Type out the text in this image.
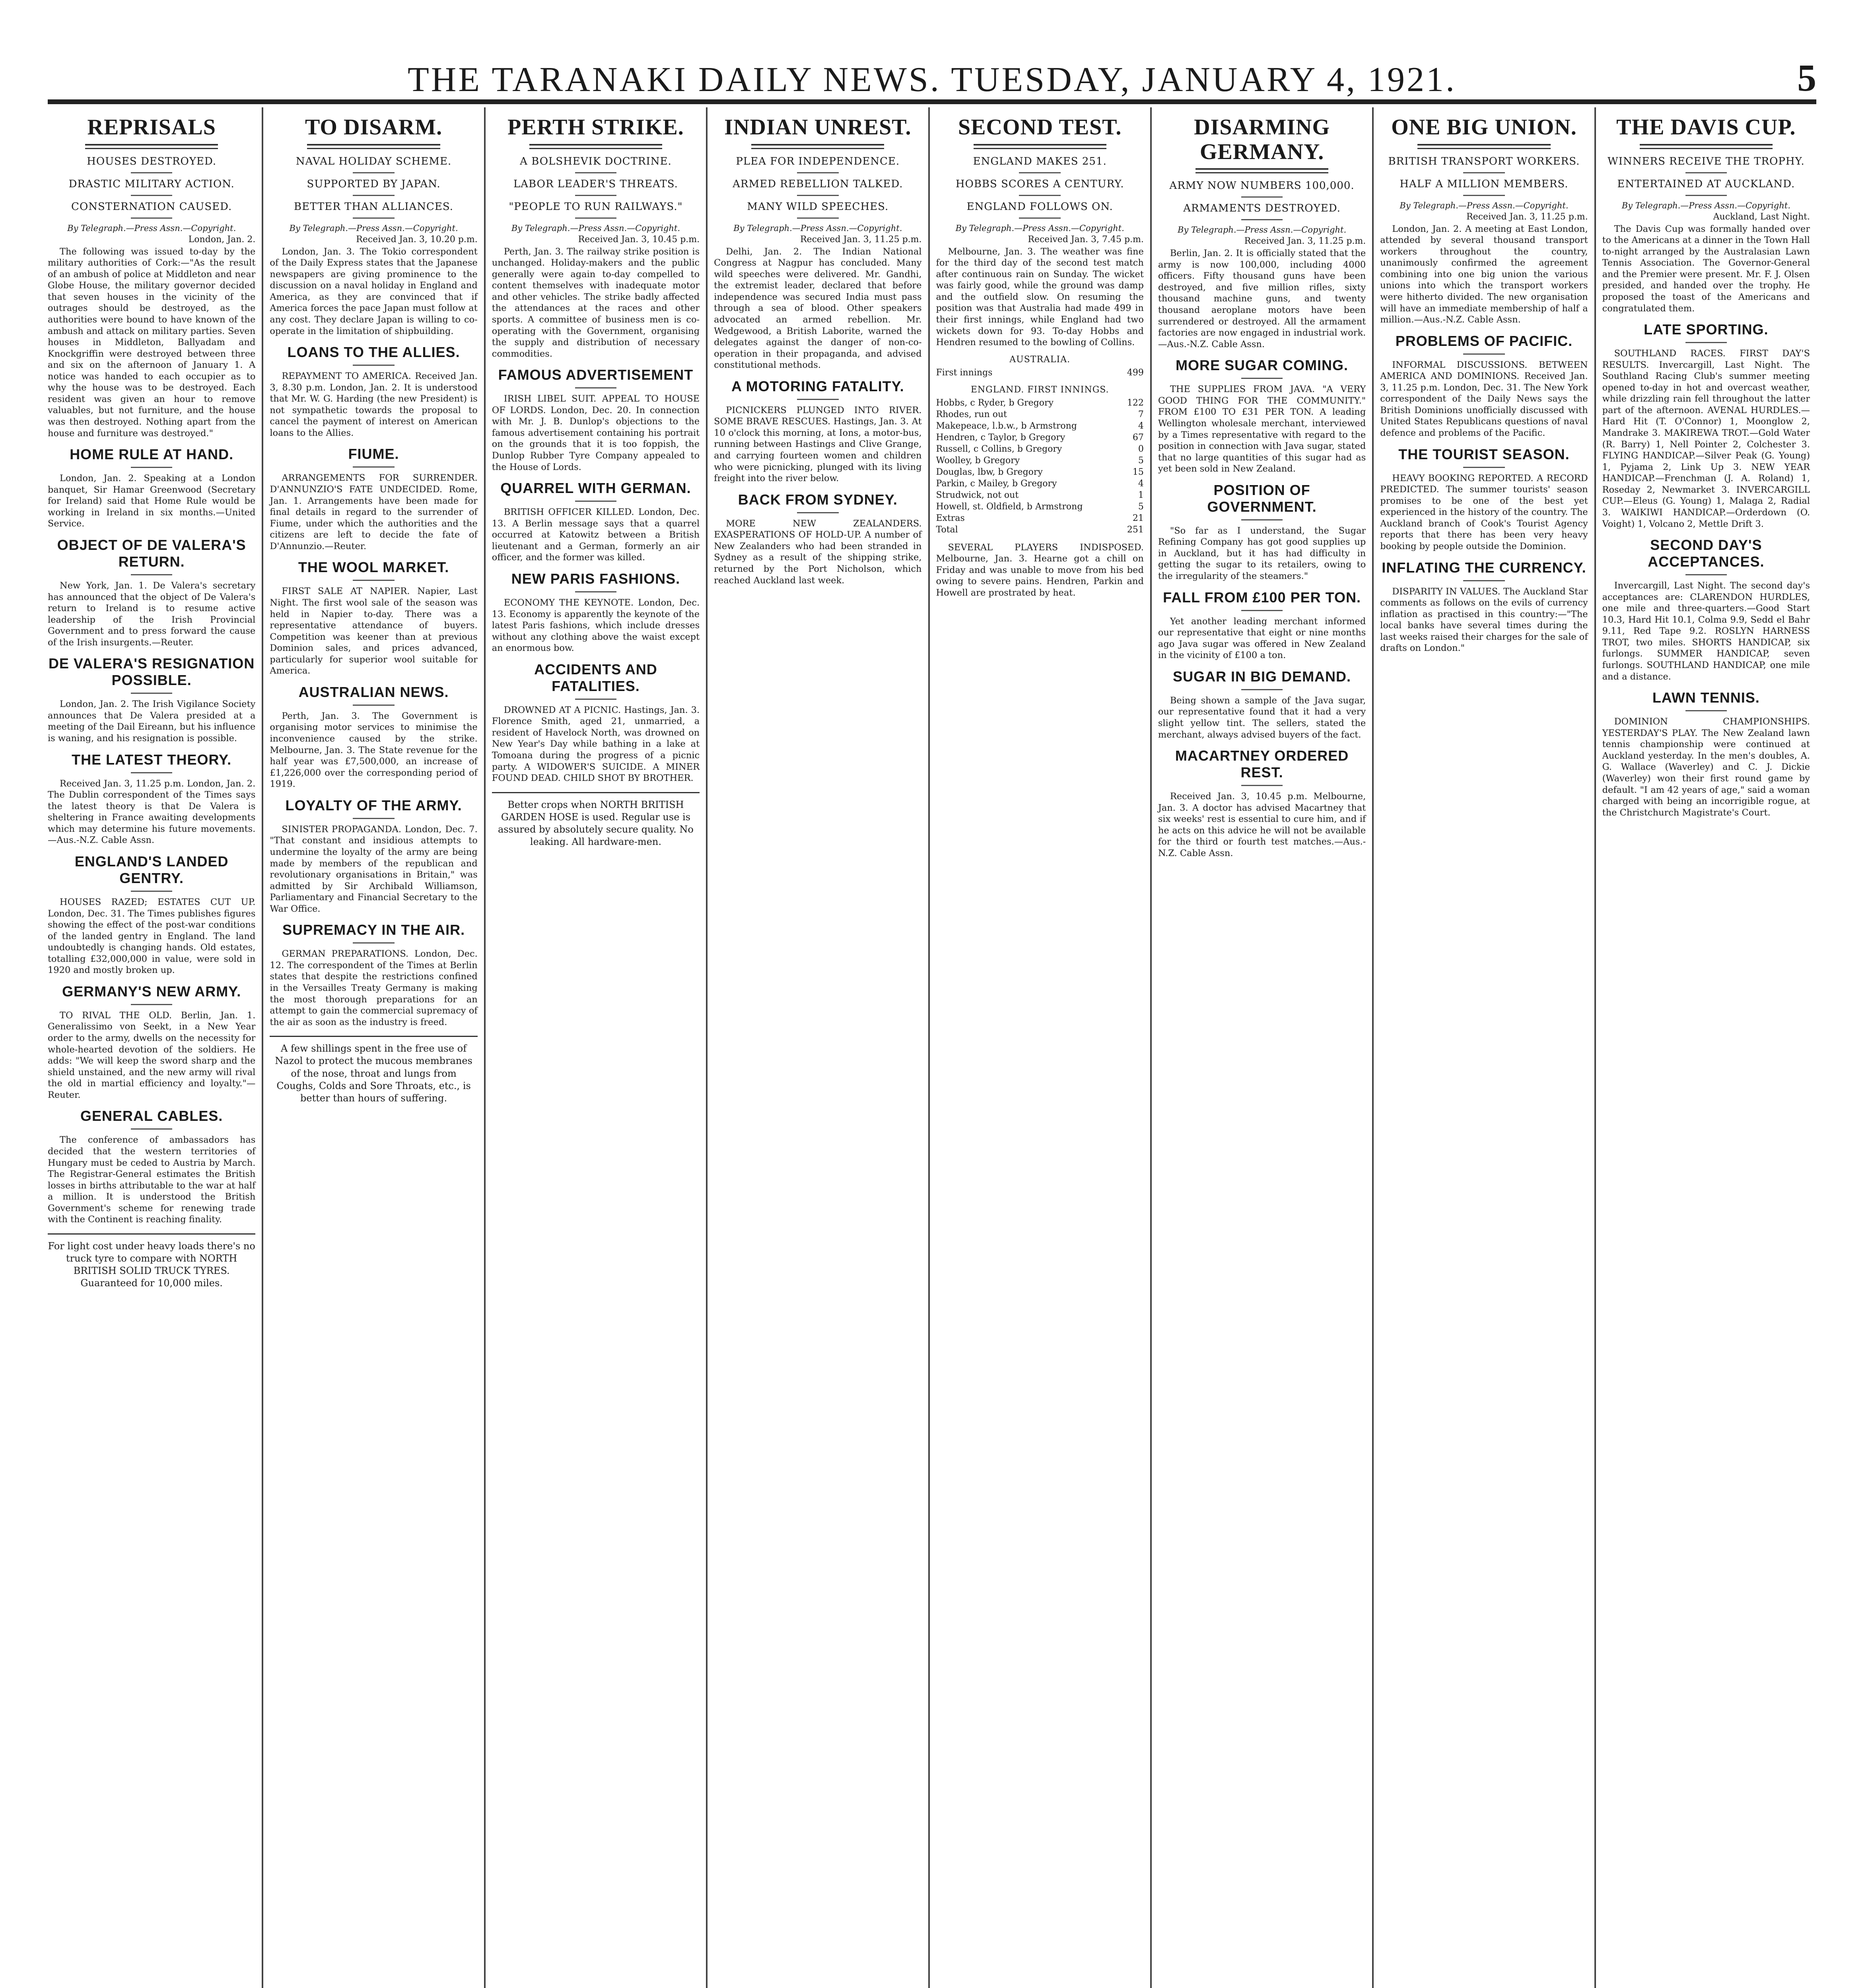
THE TARANAKI DAILY NEWS. TUESDAY, JANUARY 4, 1921.	5
REPRISALS
HOUSES DESTROYED.
DRASTIC MILITARY ACTION.
CONSTERNATION CAUSED.
By Telegraph.—Press Assn.—Copyright.
London, Jan. 2.

The following was issued to-day by the military authorities of Cork:—"As the result of an ambush of police at Middleton and near Globe House, the military governor decided that seven houses in the vicinity of the outrages should be destroyed, as the authorities were bound to have known of the ambush and attack on military parties. Seven houses in Middleton, Ballyadam and Knockgriffin were destroyed between three and six on the afternoon of January 1. A notice was handed to each occupier as to why the house was to be destroyed. Each resident was given an hour to remove valuables, but not furniture, and the house was then destroyed. Nothing apart from the house and furniture was destroyed."

HOME RULE AT HAND.

London, Jan. 2. Speaking at a London banquet, Sir Hamar Greenwood (Secretary for Ireland) said that Home Rule would be working in Ireland in six months.—United Service.

OBJECT OF DE VALERA'S RETURN.

New York, Jan. 1. De Valera's secretary has announced that the object of De Valera's return to Ireland is to resume active leadership of the Irish Provincial Government and to press forward the cause of the Irish insurgents.—Reuter.

DE VALERA'S RESIGNATION POSSIBLE.

London, Jan. 2. The Irish Vigilance Society announces that De Valera presided at a meeting of the Dail Eireann, but his influence is waning, and his resignation is possible.

THE LATEST THEORY.

Received Jan. 3, 11.25 p.m. London, Jan. 2. The Dublin correspondent of the Times says the latest theory is that De Valera is sheltering in France awaiting developments which may determine his future movements.—Aus.-N.Z. Cable Assn.

ENGLAND'S LANDED GENTRY.

HOUSES RAZED; ESTATES CUT UP. London, Dec. 31. The Times publishes figures showing the effect of the post-war conditions of the landed gentry in England. The land undoubtedly is changing hands. Old estates, totalling £32,000,000 in value, were sold in 1920 and mostly broken up.

GERMANY'S NEW ARMY.

TO RIVAL THE OLD. Berlin, Jan. 1. Generalissimo von Seekt, in a New Year order to the army, dwells on the necessity for whole-hearted devotion of the soldiers. He adds: "We will keep the sword sharp and the shield unstained, and the new army will rival the old in martial efficiency and loyalty."—Reuter.

GENERAL CABLES.

The conference of ambassadors has decided that the western territories of Hungary must be ceded to Austria by March. The Registrar-General estimates the British losses in births attributable to the war at half a million. It is understood the British Government's scheme for renewing trade with the Continent is reaching finality.

For light cost under heavy loads there's no truck tyre to compare with NORTH BRITISH SOLID TRUCK TYRES. Guaranteed for 10,000 miles.
TO DISARM.
NAVAL HOLIDAY SCHEME.
SUPPORTED BY JAPAN.
BETTER THAN ALLIANCES.
By Telegraph.—Press Assn.—Copyright.
Received Jan. 3, 10.20 p.m.

London, Jan. 3. The Tokio correspondent of the Daily Express states that the Japanese newspapers are giving prominence to the discussion on a naval holiday in England and America, as they are convinced that if America forces the pace Japan must follow at any cost. They declare Japan is willing to co-operate in the limitation of shipbuilding.

LOANS TO THE ALLIES.

REPAYMENT TO AMERICA. Received Jan. 3, 8.30 p.m. London, Jan. 2. It is understood that Mr. W. G. Harding (the new President) is not sympathetic towards the proposal to cancel the payment of interest on American loans to the Allies.

FIUME.

ARRANGEMENTS FOR SURRENDER. D'ANNUNZIO'S FATE UNDECIDED. Rome, Jan. 1. Arrangements have been made for final details in regard to the surrender of Fiume, under which the authorities and the citizens are left to decide the fate of D'Annunzio.—Reuter.

THE WOOL MARKET.

FIRST SALE AT NAPIER. Napier, Last Night. The first wool sale of the season was held in Napier to-day. There was a representative attendance of buyers. Competition was keener than at previous Dominion sales, and prices advanced, particularly for superior wool suitable for America.

AUSTRALIAN NEWS.

Perth, Jan. 3. The Government is organising motor services to minimise the inconvenience caused by the strike. Melbourne, Jan. 3. The State revenue for the half year was £7,500,000, an increase of £1,226,000 over the corresponding period of 1919.

LOYALTY OF THE ARMY.

SINISTER PROPAGANDA. London, Dec. 7. "That constant and insidious attempts to undermine the loyalty of the army are being made by members of the republican and revolutionary organisations in Britain," was admitted by Sir Archibald Williamson, Parliamentary and Financial Secretary to the War Office.

SUPREMACY IN THE AIR.

GERMAN PREPARATIONS. London, Dec. 12. The correspondent of the Times at Berlin states that despite the restrictions confined in the Versailles Treaty Germany is making the most thorough preparations for an attempt to gain the commercial supremacy of the air as soon as the industry is freed.

A few shillings spent in the free use of Nazol to protect the mucous membranes of the nose, throat and lungs from Coughs, Colds and Sore Throats, etc., is better than hours of suffering.
PERTH STRIKE.
A BOLSHEVIK DOCTRINE.
LABOR LEADER'S THREATS.
"PEOPLE TO RUN RAILWAYS."
By Telegraph.—Press Assn.—Copyright.
Received Jan. 3, 10.45 p.m.

Perth, Jan. 3. The railway strike position is unchanged. Holiday-makers and the public generally were again to-day compelled to content themselves with inadequate motor and other vehicles. The strike badly affected the attendances at the races and other sports. A committee of business men is co-operating with the Government, organising the supply and distribution of necessary commodities.

FAMOUS ADVERTISEMENT

IRISH LIBEL SUIT. APPEAL TO HOUSE OF LORDS. London, Dec. 20. In connection with Mr. J. B. Dunlop's objections to the famous advertisement containing his portrait on the grounds that it is too foppish, the Dunlop Rubber Tyre Company appealed to the House of Lords.

QUARREL WITH GERMAN.

BRITISH OFFICER KILLED. London, Dec. 13. A Berlin message says that a quarrel occurred at Katowitz between a British lieutenant and a German, formerly an air officer, and the former was killed.

NEW PARIS FASHIONS.

ECONOMY THE KEYNOTE. London, Dec. 13. Economy is apparently the keynote of the latest Paris fashions, which include dresses without any clothing above the waist except an enormous bow.

ACCIDENTS AND FATALITIES.

DROWNED AT A PICNIC. Hastings, Jan. 3. Florence Smith, aged 21, unmarried, a resident of Havelock North, was drowned on New Year's Day while bathing in a lake at Tomoana during the progress of a picnic party. A WIDOWER'S SUICIDE. A MINER FOUND DEAD. CHILD SHOT BY BROTHER.

Better crops when NORTH BRITISH GARDEN HOSE is used. Regular use is assured by absolutely secure quality. No leaking. All hardware-men.
INDIAN UNREST.
PLEA FOR INDEPENDENCE.
ARMED REBELLION TALKED.
MANY WILD SPEECHES.
By Telegraph.—Press Assn.—Copyright.
Received Jan. 3, 11.25 p.m.

Delhi, Jan. 2. The Indian National Congress at Nagpur has concluded. Many wild speeches were delivered. Mr. Gandhi, the extremist leader, declared that before independence was secured India must pass through a sea of blood. Other speakers advocated an armed rebellion. Mr. Wedgewood, a British Laborite, warned the delegates against the danger of non-co-operation in their propaganda, and advised constitutional methods.

A MOTORING FATALITY.

PICNICKERS PLUNGED INTO RIVER. SOME BRAVE RESCUES. Hastings, Jan. 3. At 10 o'clock this morning, at Ions, a motor-bus, running between Hastings and Clive Grange, and carrying fourteen women and children who were picnicking, plunged with its living freight into the river below.

BACK FROM SYDNEY.

MORE NEW ZEALANDERS. EXASPERATIONS OF HOLD-UP. A number of New Zealanders who had been stranded in Sydney as a result of the shipping strike, returned by the Port Nicholson, which reached Auckland last week.

SECOND TEST.
ENGLAND MAKES 251.
HOBBS SCORES A CENTURY.
ENGLAND FOLLOWS ON.
By Telegraph.—Press Assn.—Copyright.
Received Jan. 3, 7.45 p.m.

Melbourne, Jan. 3. The weather was fine for the third day of the second test match after continuous rain on Sunday. The wicket was fairly good, while the ground was damp and the outfield slow. On resuming the position was that Australia had made 499 in their first innings, while England had two wickets down for 93. To-day Hobbs and Hendren resumed to the bowling of Collins.

AUSTRALIA.
First innings	499
ENGLAND. FIRST INNINGS.
Hobbs, c Ryder, b Gregory	122
Rhodes, run out	7
Makepeace, l.b.w., b Armstrong	4
Hendren, c Taylor, b Gregory	67
Russell, c Collins, b Gregory	0
Woolley, b Gregory	5
Douglas, lbw, b Gregory	15
Parkin, c Mailey, b Gregory	4
Strudwick, not out	1
Howell, st. Oldfield, b Armstrong	5
Extras	21
Total	251

SEVERAL PLAYERS INDISPOSED. Melbourne, Jan. 3. Hearne got a chill on Friday and was unable to move from his bed owing to severe pains. Hendren, Parkin and Howell are prostrated by heat.

DISARMING GERMANY.
ARMY NOW NUMBERS 100,000.
ARMAMENTS DESTROYED.
By Telegraph.—Press Assn.—Copyright.
Received Jan. 3, 11.25 p.m.

Berlin, Jan. 2. It is officially stated that the army is now 100,000, including 4000 officers. Fifty thousand guns have been destroyed, and five million rifles, sixty thousand machine guns, and twenty thousand aeroplane motors have been surrendered or destroyed. All the armament factories are now engaged in industrial work.—Aus.-N.Z. Cable Assn.

MORE SUGAR COMING.

THE SUPPLIES FROM JAVA. "A VERY GOOD THING FOR THE COMMUNITY." FROM £100 TO £31 PER TON. A leading Wellington wholesale merchant, interviewed by a Times representative with regard to the position in connection with Java sugar, stated that no large quantities of this sugar had as yet been sold in New Zealand.

POSITION OF GOVERNMENT.

"So far as I understand, the Sugar Refining Company has got good supplies up in Auckland, but it has had difficulty in getting the sugar to its retailers, owing to the irregularity of the steamers."

FALL FROM £100 PER TON.

Yet another leading merchant informed our representative that eight or nine months ago Java sugar was offered in New Zealand in the vicinity of £100 a ton.

SUGAR IN BIG DEMAND.

Being shown a sample of the Java sugar, our representative found that it had a very slight yellow tint. The sellers, stated the merchant, always advised buyers of the fact.

MACARTNEY ORDERED REST.

Received Jan. 3, 10.45 p.m. Melbourne, Jan. 3. A doctor has advised Macartney that six weeks' rest is essential to cure him, and if he acts on this advice he will not be available for the third or fourth test matches.—Aus.-N.Z. Cable Assn.

ONE BIG UNION.
BRITISH TRANSPORT WORKERS.
HALF A MILLION MEMBERS.
By Telegraph.—Press Assn.—Copyright.
Received Jan. 3, 11.25 p.m.

London, Jan. 2. A meeting at East London, attended by several thousand transport workers throughout the country, unanimously confirmed the agreement combining into one big union the various unions into which the transport workers were hitherto divided. The new organisation will have an immediate membership of half a million.—Aus.-N.Z. Cable Assn.

PROBLEMS OF PACIFIC.

INFORMAL DISCUSSIONS. BETWEEN AMERICA AND DOMINIONS. Received Jan. 3, 11.25 p.m. London, Dec. 31. The New York correspondent of the Daily News says the British Dominions unofficially discussed with United States Republicans questions of naval defence and problems of the Pacific.

THE TOURIST SEASON.

HEAVY BOOKING REPORTED. A RECORD PREDICTED. The summer tourists' season promises to be one of the best yet experienced in the history of the country. The Auckland branch of Cook's Tourist Agency reports that there has been very heavy booking by people outside the Dominion.

INFLATING THE CURRENCY.

DISPARITY IN VALUES. The Auckland Star comments as follows on the evils of currency inflation as practised in this country:—"The local banks have several times during the last weeks raised their charges for the sale of drafts on London."

THE DAVIS CUP.
WINNERS RECEIVE THE TROPHY.
ENTERTAINED AT AUCKLAND.
By Telegraph.—Press Assn.—Copyright.
Auckland, Last Night.

The Davis Cup was formally handed over to the Americans at a dinner in the Town Hall to-night arranged by the Australasian Lawn Tennis Association. The Governor-General and the Premier were present. Mr. F. J. Olsen presided, and handed over the trophy. He proposed the toast of the Americans and congratulated them.

LATE SPORTING.

SOUTHLAND RACES. FIRST DAY'S RESULTS. Invercargill, Last Night. The Southland Racing Club's summer meeting opened to-day in hot and overcast weather, while drizzling rain fell throughout the latter part of the afternoon. AVENAL HURDLES.—Hard Hit (T. O'Connor) 1, Moonglow 2, Mandrake 3. MAKIREWA TROT.—Gold Water (R. Barry) 1, Nell Pointer 2, Colchester 3. FLYING HANDICAP.—Silver Peak (G. Young) 1, Pyjama 2, Link Up 3. NEW YEAR HANDICAP.—Frenchman (J. A. Roland) 1, Roseday 2, Newmarket 3. INVERCARGILL CUP.—Eleus (G. Young) 1, Malaga 2, Radial 3. WAIKIWI HANDICAP.—Orderdown (O. Voight) 1, Volcano 2, Mettle Drift 3.

SECOND DAY'S ACCEPTANCES.

Invercargill, Last Night. The second day's acceptances are: CLARENDON HURDLES, one mile and three-quarters.—Good Start 10.3, Hard Hit 10.1, Colma 9.9, Sedd el Bahr 9.11, Red Tape 9.2. ROSLYN HARNESS TROT, two miles. SHORTS HANDICAP, six furlongs. SUMMER HANDICAP, seven furlongs. SOUTHLAND HANDICAP, one mile and a distance.

LAWN TENNIS.

DOMINION CHAMPIONSHIPS. YESTERDAY'S PLAY. The New Zealand lawn tennis championship were continued at Auckland yesterday. In the men's doubles, A. G. Wallace (Waverley) and C. J. Dickie (Waverley) won their first round game by default. "I am 42 years of age," said a woman charged with being an incorrigible rogue, at the Christchurch Magistrate's Court.
